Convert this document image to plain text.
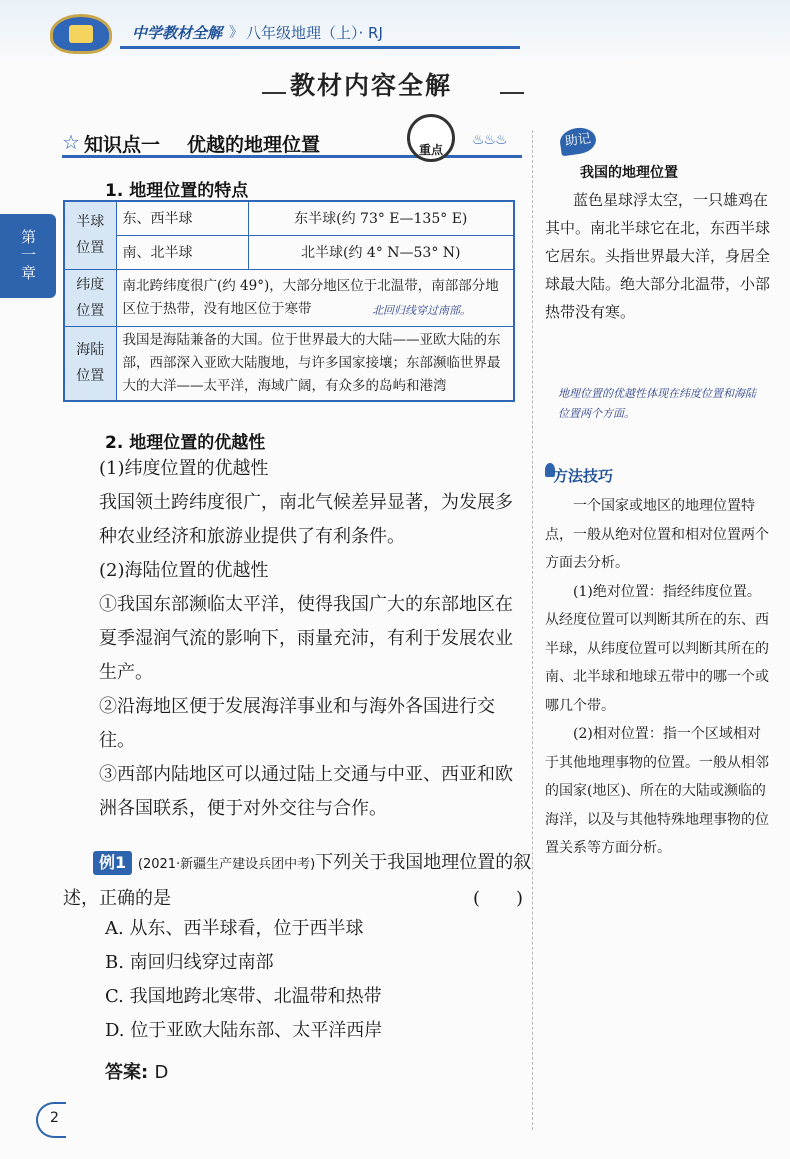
中学教材全解 》 八年级地理（上）· RJ
教材内容全解
第一章
☆ 知识点一 优越的地理位置	重点
♨♨♨
1. 地理位置的特点
半球位置	东、西半球	东半球(约 73° E—135° E)
	南、北半球	北半球(约 4° N—53° N)
纬度位置	南北跨纬度很广(约 49°)，大部分地区位于北温带，南部部分地区位于热带，没有地区位于寒带	
海陆位置	我国是海陆兼备的大国。位于世界最大的大陆——亚欧大陆的东部，西部深入亚欧大陆腹地，与许多国家接壤；东部濒临世界最大的大洋——太平洋，海域广阔，有众多的岛屿和港湾	
北回归线穿过南部。
地理位置的优越性体现在纬度位置和海陆位置两个方面。
2. 地理位置的优越性
(1)纬度位置的优越性
我国领土跨纬度很广，南北气候差异显著，为发展多种农业经济和旅游业提供了有利条件。
(2)海陆位置的优越性
①我国东部濒临太平洋，使得我国广大的东部地区在夏季湿润气流的影响下，雨量充沛，有利于发展农业生产。
②沿海地区便于发展海洋事业和与海外各国进行交往。
③西部内陆地区可以通过陆上交通与中亚、西亚和欧洲各国联系，便于对外交往与合作。
例1 (2021·新疆生产建设兵团中考)下列关于我国地理位置的叙述，正确的是	(　　)
A. 从东、西半球看，位于西半球
B. 南回归线穿过南部
C. 我国地跨北寒带、北温带和热带
D. 位于亚欧大陆东部、太平洋西岸
答案: D
助记
我国的地理位置
蓝色星球浮太空，一只雄鸡在其中。南北半球它在北，东西半球它居东。头指世界最大洋，身居全球最大陆。绝大部分北温带，小部热带没有寒。
方法技巧

一个国家或地区的地理位置特点，一般从绝对位置和相对位置两个方面去分析。

(1)绝对位置：指经纬度位置。从经度位置可以判断其所在的东、西半球，从纬度位置可以判断其所在的南、北半球和地球五带中的哪一个或哪几个带。

(2)相对位置：指一个区域相对于其他地理事物的位置。一般从相邻的国家(地区)、所在的大陆或濒临的海洋，以及与其他特殊地理事物的位置关系等方面分析。

2
